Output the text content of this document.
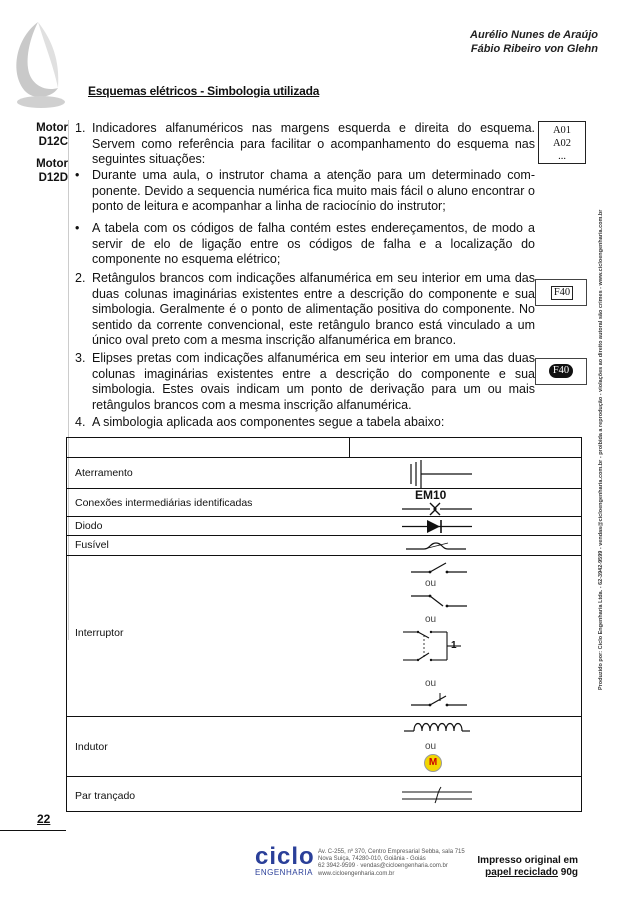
Aurélio Nunes de Araújo
Fábio Ribeiro von Glehn
Esquemas elétricos - Simbologia utilizada
Motor
D12C
Motor
D12D
1. Indicadores alfanuméricos nas margens esquerda e direita do esquema. Servem como referência para facilitar o acompanhamento do esquema nas seguintes situações:
• Durante uma aula, o instrutor chama a atenção para um determinado componente. Devido a sequencia numérica fica muito mais fácil o aluno encontrar o ponto de leitura e acompanhar a linha de raciocínio do instrutor;
• A tabela com os códigos de falha contém estes endereçamentos, de modo a servir de elo de ligação entre os códigos de falha e a localização do componente no esquema elétrico;
2. Retângulos brancos com indicações alfanumérica em seu interior em uma das duas colunas imaginárias existentes entre a descrição do componente e sua simbologia. Geralmente é o ponto de alimentação positiva do componente. No sentido da corrente convencional, este retângulo branco está vinculado a um único oval preto com a mesma inscrição alfanumérica em branco.
3. Elipses pretas com indicações alfanumérica em seu interior em uma das duas colunas imaginárias existentes entre a descrição do componente e sua simbologia. Estes ovais indicam um ponto de derivação para um ou mais retângulos brancos com a mesma inscrição alfanumérica.
4. A simbologia aplicada aos componentes segue a tabela abaixo:
A01
A02
...
F40
F40	Produzido por: Ciclo Engenharia Ltda. - 62-3942-9599 - vendas@cicloengenharia.com.br - proibida a reprodução - violações ao direito autoral são crimes - www.cicloengenharia.com.br
Aterramento
Conexões intermediárias identificadas
EM10
Diodo
Fusível
Interruptor
ou
ou
1
ou
Indutor	ou
M
Par trançado
22
ciclo
ENGENHARIA
Av. C-255, nº 370, Centro Empresarial Sebba, sala 715
Nova Suiça, 74280-010, Goiânia - Goiás
62 3942-9599 · vendas@cicloengenharia.com.br
www.cicloengenharia.com.br
Impresso original em
papel reciclado 90g
